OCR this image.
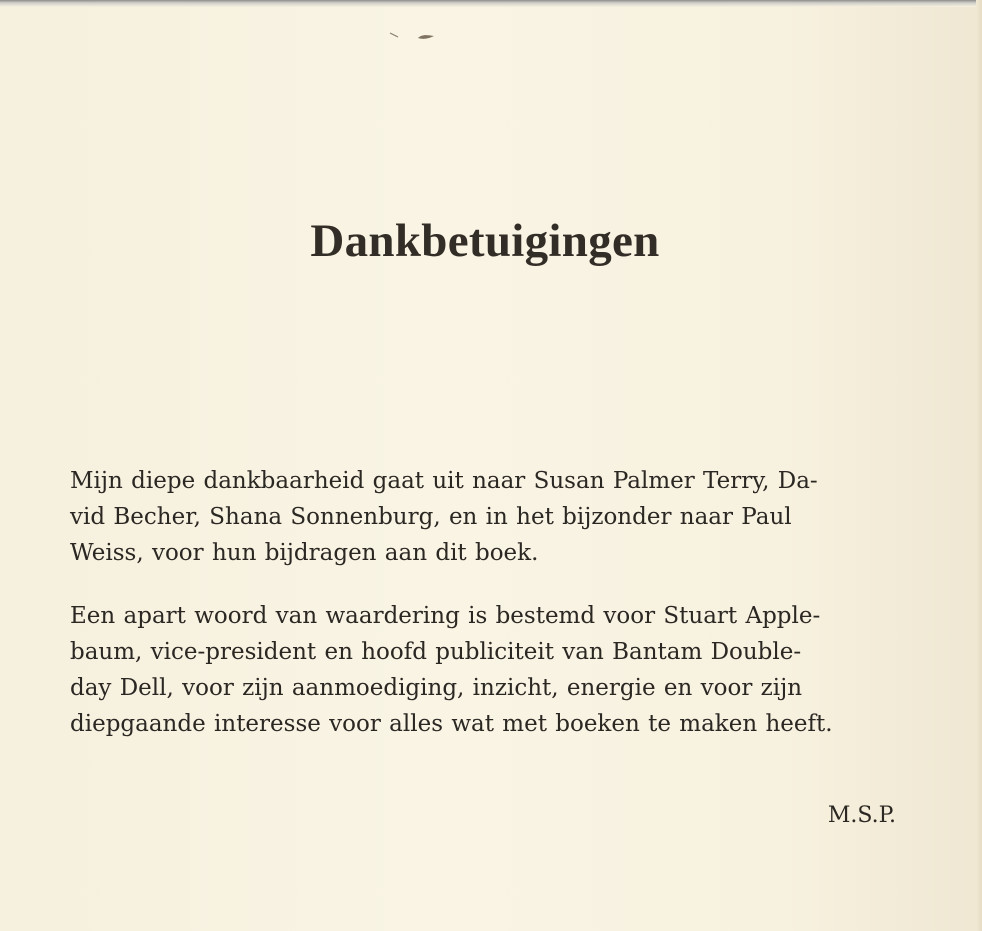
Dankbetuigingen

Mijn diepe dankbaarheid gaat uit naar Susan Palmer Terry, Da-
vid Becher, Shana Sonnenburg, en in het bijzonder naar Paul
Weiss, voor hun bijdragen aan dit boek.

Een apart woord van waardering is bestemd voor Stuart Apple-
baum, vice-president en hoofd publiciteit van Bantam Double-
day Dell, voor zijn aanmoediging, inzicht, energie en voor zijn
diepgaande interesse voor alles wat met boeken te maken heeft.

M.S.P.
